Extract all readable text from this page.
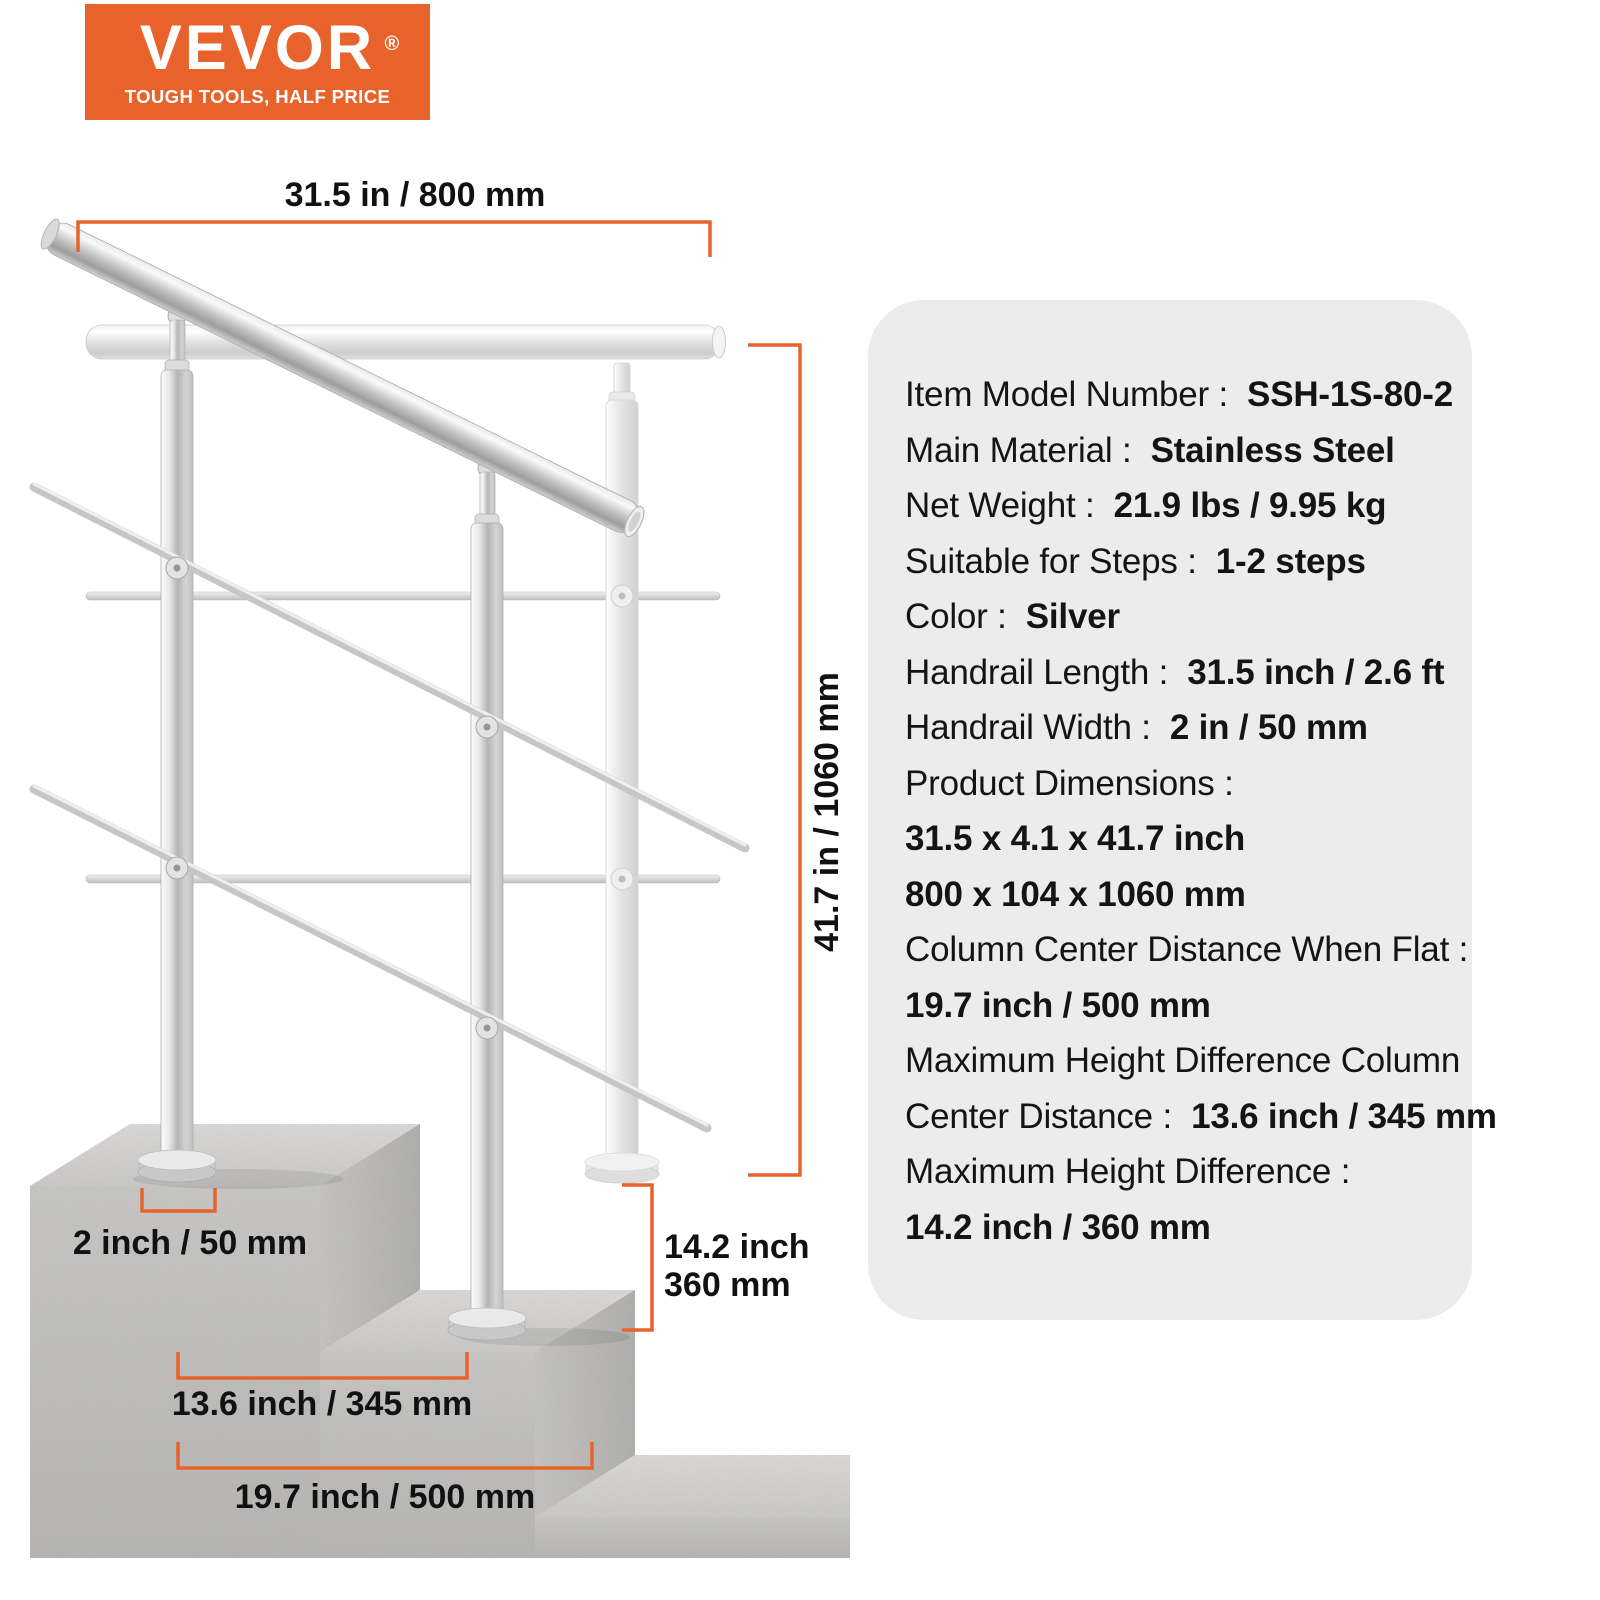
31.5 in / 800 mm
41.7 in / 1060 mm
2 inch / 50 mm	14.2 inch
360 mm
13.6 inch / 345 mm
19.7 inch / 500 mm
VEVOR ®
TOUGH TOOLS, HALF PRICE
Item Model Number :  SSH-1S-80-2
Main Material :  Stainless Steel
Net Weight :  21.9 lbs / 9.95 kg
Suitable for Steps :  1-2 steps
Color :  Silver
Handrail Length :  31.5 inch / 2.6 ft
Handrail Width :  2 in / 50 mm
Product Dimensions :
31.5 x 4.1 x 41.7 inch
800 x 104 x 1060 mm
Column Center Distance When Flat :
19.7 inch / 500 mm
Maximum Height Difference Column
Center Distance :  13.6 inch / 345 mm
Maximum Height Difference :
14.2 inch / 360 mm
